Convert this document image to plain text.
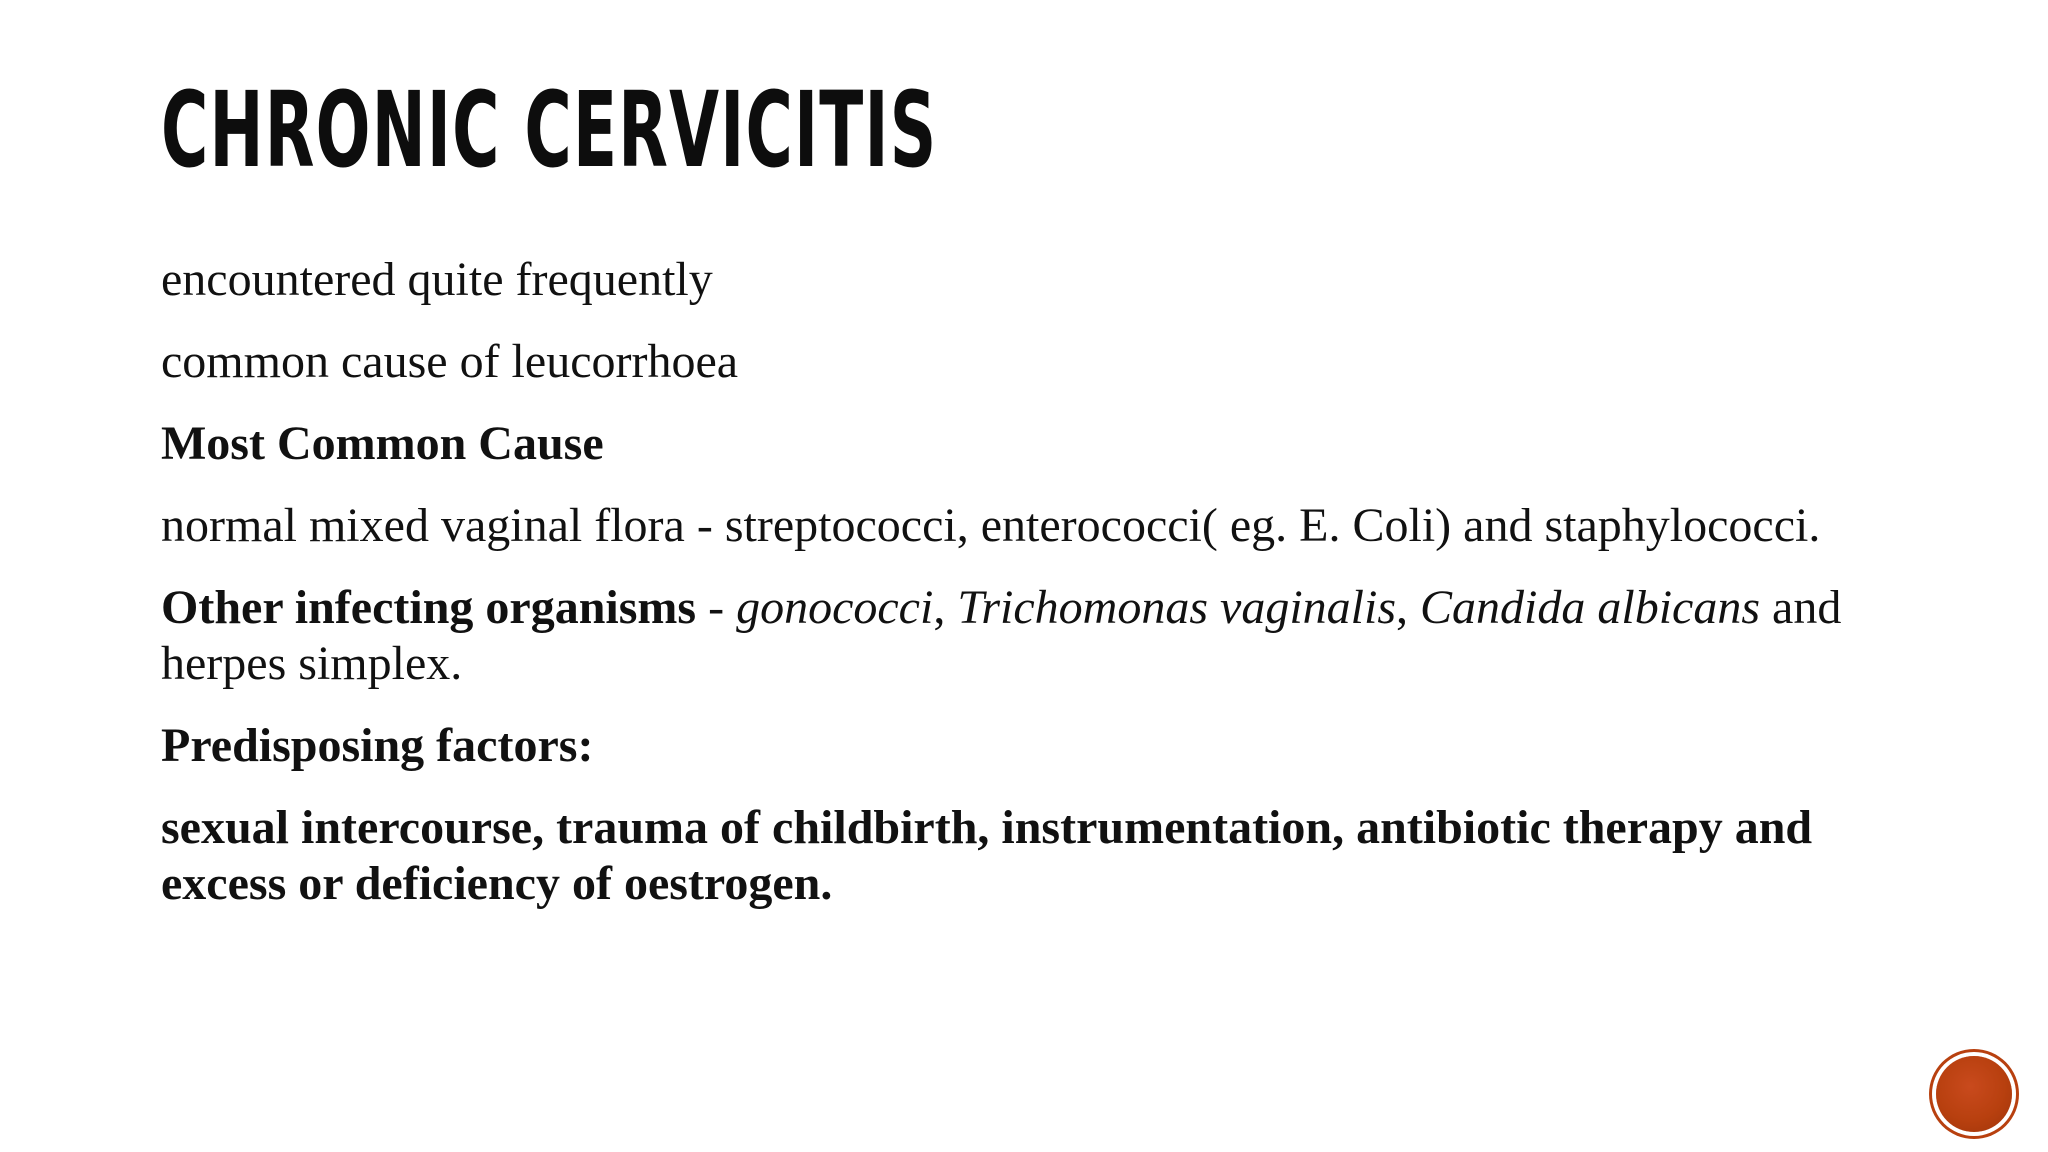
CHRONIC CERVICITIS

encountered quite frequently

common cause of leucorrhoea

Most Common Cause

normal mixed vaginal flora - streptococci, enterococci( eg. E. Coli) and staphylococci.

Other infecting organisms - gonococci, Trichomonas vaginalis, Candida albicans and herpes simplex.

Predisposing factors:

sexual intercourse, trauma of childbirth, instrumentation, antibiotic therapy and excess or deficiency of oestrogen.
